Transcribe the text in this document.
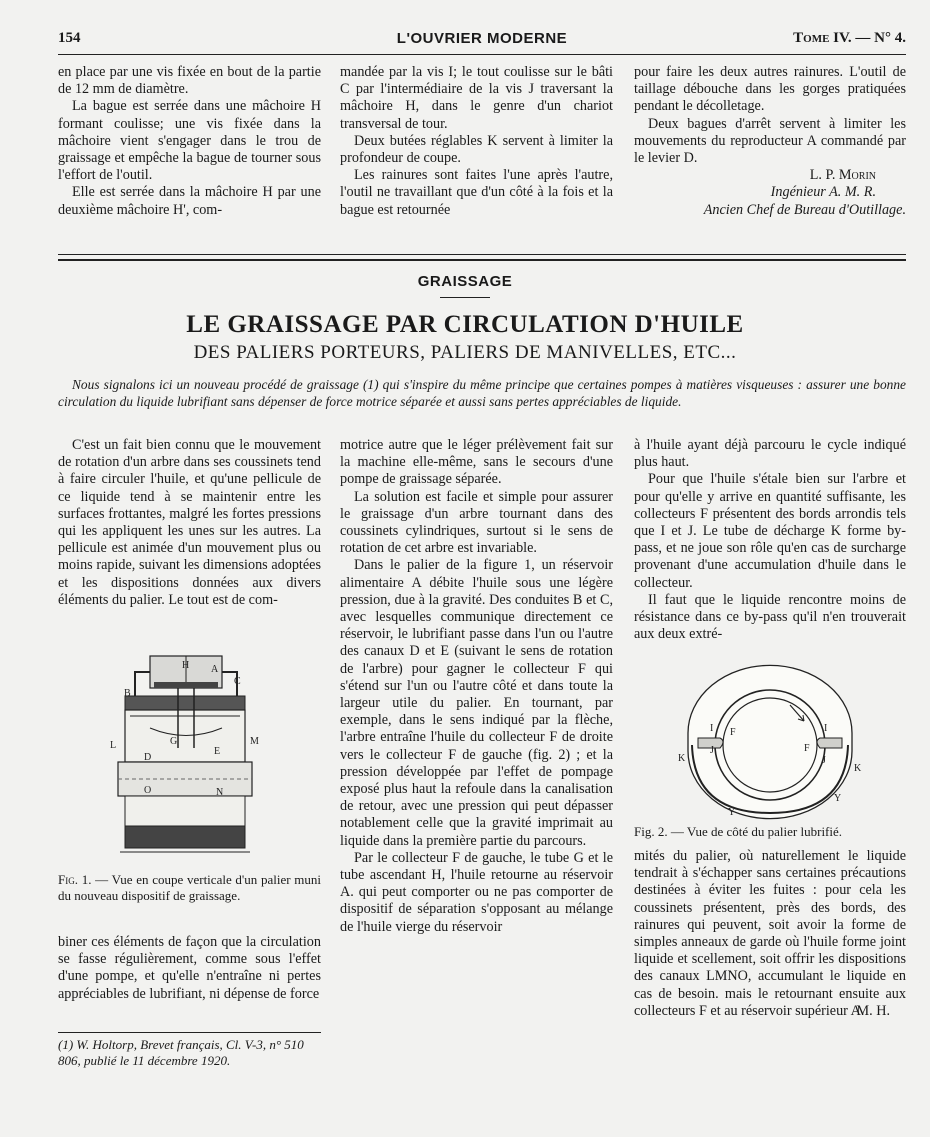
154	L'OUVRIER MODERNE	Tome IV. — N° 4.

en place par une vis fixée en bout de la partie de 12 mm de diamètre.

La bague est serrée dans une mâchoire H formant coulisse; une vis fixée dans la mâchoire vient s'engager dans le trou de graissage et empêche la bague de tourner sous l'effort de l'outil.

Elle est serrée dans la mâchoire H par une deuxième mâchoire H', com-

mandée par la vis I; le tout coulisse sur le bâti C par l'intermédiaire de la vis J traversant la mâchoire H, dans le genre d'un chariot transversal de tour.

Deux butées réglables K servent à limiter la profondeur de coupe.

Les rainures sont faites l'une après l'autre, l'outil ne travaillant que d'un côté à la fois et la bague est retournée

pour faire les deux autres rainures. L'outil de taillage débouche dans les gorges pratiquées pendant le décolletage.

Deux bagues d'arrêt servent à limiter les mouvements du reproducteur A commandé par le levier D.

L. P. Morin
Ingénieur A. M. R.
Ancien Chef de Bureau d'Outillage.
GRAISSAGE
LE GRAISSAGE PAR CIRCULATION D'HUILE
DES PALIERS PORTEURS, PALIERS DE MANIVELLES, ETC...
Nous signalons ici un nouveau procédé de graissage (1) qui s'inspire du même principe que certaines pompes à matières visqueuses : assurer une bonne circulation du liquide lubrifiant sans dépenser de force motrice séparée et aussi sans pertes appréciables de liquide.

C'est un fait bien connu que le mouvement de rotation d'un arbre dans ses coussinets tend à faire circuler l'huile, et qu'une pellicule de ce liquide tend à se maintenir entre les surfaces frottantes, malgré les fortes pressions qui les appliquent les unes sur les autres. La pellicule est animée d'un mouvement plus ou moins rapide, suivant les dimensions adoptées et les dispositions données aux divers éléments du palier. Le tout est de com-

H A
B
C
G
L	M
D
E
O	N
Fig. 1. — Vue en coupe verticale d'un palier muni du nouveau dispositif de graissage.

biner ces éléments de façon que la circulation se fasse régulièrement, comme sous l'effet d'une pompe, et qu'elle n'entraîne ni pertes appréciables de lubrifiant, ni dépense de force

(1) W. Holtorp, Brevet français, Cl. V-3, n° 510 806, publié le 11 décembre 1920.

motrice autre que le léger prélèvement fait sur la machine elle-même, sans le secours d'une pompe de graissage séparée.

La solution est facile et simple pour assurer le graissage d'un arbre tournant dans des coussinets cylindriques, surtout si le sens de rotation de cet arbre est invariable.

Dans le palier de la figure 1, un réservoir alimentaire A débite l'huile sous une légère pression, due à la gravité. Des conduites B et C, avec lesquelles communique directement ce réservoir, le lubrifiant passe dans l'un ou l'autre des canaux D et E (suivant le sens de rotation de l'arbre) pour gagner le collecteur F qui s'étend sur l'un ou l'autre côté et dans toute la largeur utile du palier. En tournant, par exemple, dans le sens indiqué par la flèche, l'arbre entraîne l'huile du collecteur F de droite vers le collecteur F de gauche (fig. 2) ; et la pression développée par l'effet de pompage exposé plus haut la refoule dans la canalisation de retour, avec une pression qui peut dépasser notablement celle que la gravité imprimait au liquide dans la première partie du parcours.

Par le collecteur F de gauche, le tube G et le tube ascendant H, l'huile retourne au réservoir A. qui peut comporter ou ne pas comporter de dispositif de séparation s'opposant au mélange de l'huile vierge du réservoir

à l'huile ayant déjà parcouru le cycle indiqué plus haut.

Pour que l'huile s'étale bien sur l'arbre et pour qu'elle y arrive en quantité suffisante, les collecteurs F présentent des bords arrondis tels que I et J. Le tube de décharge K forme by-pass, et ne joue son rôle qu'en cas de surcharge provenant d'une accumulation d'huile dans le collecteur.

Il faut que le liquide rencontre moins de résistance dans ce by-pass qu'il n'en trouverait aux deux extré-

I F
J
K
F
I
J
K
Y
Y
Fig. 2. — Vue de côté du palier lubrifié.

mités du palier, où naturellement le liquide tendrait à s'échapper sans certaines précautions destinées à éviter les fuites : pour cela les coussinets présentent, près des bords, des rainures qui peuvent, soit avoir la forme de simples anneaux de garde où l'huile forme joint liquide et scellement, soit offrir les dispositions des canaux LMNO, accumulant le liquide en cas de besoin. mais le retournant ensuite aux collecteurs F et au réservoir supérieur A.

M. H.
